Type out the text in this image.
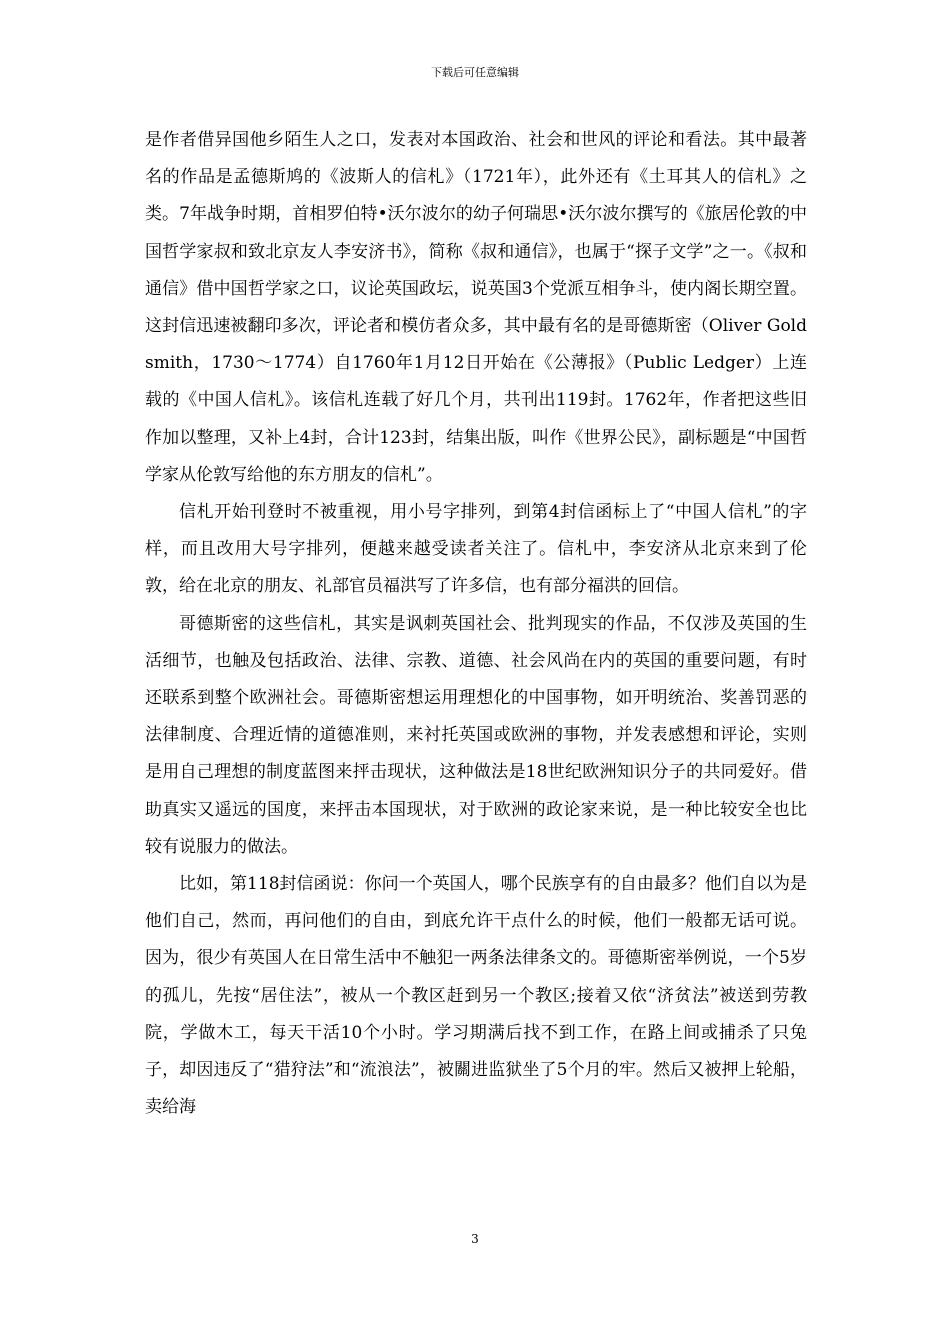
下载后可任意编辑

是作者借异国他乡陌生人之口，发表对本国政治、社会和世风的评论和看法。其中最著名的作品是孟德斯鸠的《波斯人的信札》（1721年），此外还有《土耳其人的信札》之类。7年战争时期，首相罗伯特•沃尔波尔的幼子何瑞思•沃尔波尔撰写的《旅居伦敦的中国哲学家叔和致北京友人李安济书》，简称《叔和通信》，也属于“探子文学”之一。《叔和通信》借中国哲学家之口，议论英国政坛，说英国3个党派互相争斗，使内阁长期空置。这封信迅速被翻印多次，评论者和模仿者众多，其中最有名的是哥德斯密（Oliver Goldsmith，1730～1774）自1760年1月12日开始在《公薄报》（Public Ledger）上连载的《中国人信札》。该信札连载了好几个月，共刊出119封。1762年，作者把这些旧作加以整理，又补上4封，合计123封，结集出版，叫作《世界公民》，副标题是“中国哲学家从伦敦写给他的东方朋友的信札”。

信札开始刊登时不被重视，用小号字排列，到第4封信函标上了“中国人信札”的字样，而且改用大号字排列，便越来越受读者关注了。信札中，李安济从北京来到了伦敦，给在北京的朋友、礼部官员福洪写了许多信，也有部分福洪的回信。

哥德斯密的这些信札，其实是讽刺英国社会、批判现实的作品，不仅涉及英国的生活细节，也触及包括政治、法律、宗教、道德、社会风尚在内的英国的重要问题，有时还联系到整个欧洲社会。哥德斯密想运用理想化的中国事物，如开明统治、奖善罚恶的法律制度、合理近情的道德准则，来衬托英国或欧洲的事物，并发表感想和评论，实则是用自己理想的制度蓝图来抨击现状，这种做法是18世纪欧洲知识分子的共同爱好。借助真实又遥远的国度，来抨击本国现状，对于欧洲的政论家来说，是一种比较安全也比较有说服力的做法。

比如，第118封信函说：你问一个英国人，哪个民族享有的自由最多？他们自以为是他们自己，然而，再问他们的自由，到底允许干点什么的时候，他们一般都无话可说。因为，很少有英国人在日常生活中不触犯一两条法律条文的。哥德斯密举例说，一个5岁的孤儿，先按“居住法”，被从一个教区赶到另一个教区;接着又依“济贫法”被送到劳教院，学做木工，每天干活10个小时。学习期满后找不到工作，在路上间或捕杀了只兔子，却因违反了“猎狩法”和“流浪法”，被關进监狱坐了5个月的牢。然后又被押上轮船，卖给海

3
